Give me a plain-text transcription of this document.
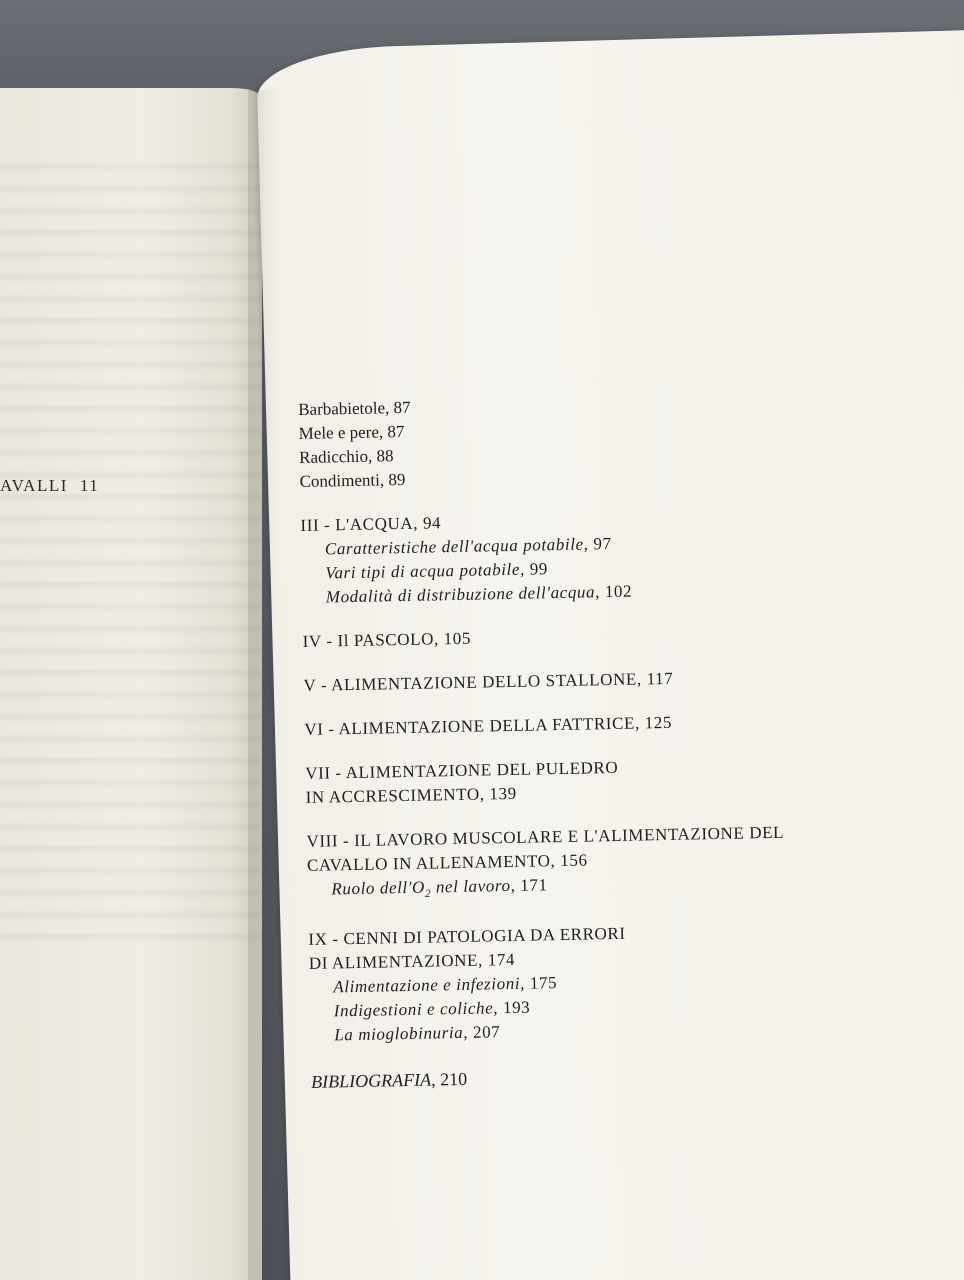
AVALLI 11
Barbabietole, 87
Mele e pere, 87
Radicchio, 88
Condimenti, 89
III - L'ACQUA, 94
Caratteristiche dell'acqua potabile, 97
Vari tipi di acqua potabile, 99
Modalità di distribuzione dell'acqua, 102
IV - Il PASCOLO, 105
V - ALIMENTAZIONE DELLO STALLONE, 117
VI - ALIMENTAZIONE DELLA FATTRICE, 125
VII - ALIMENTAZIONE DEL PULEDRO
IN ACCRESCIMENTO, 139
VIII - IL LAVORO MUSCOLARE E L'ALIMENTAZIONE DEL
CAVALLO IN ALLENAMENTO, 156
Ruolo $dell'O_2$ nel lavoro, 171
IX - CENNI DI PATOLOGIA DA ERRORI
DI ALIMENTAZIONE, 174
Alimentazione e infezioni, 175
Indigestioni e coliche, 193
La mioglobinuria, 207
BIBLIOGRAFIA, 210
